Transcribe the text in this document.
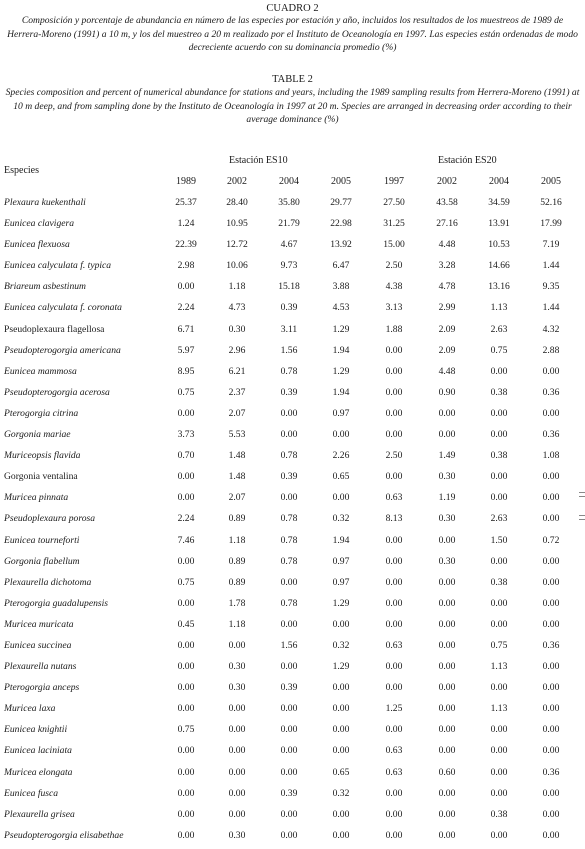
CUADRO 2

Composición y porcentaje de abundancia en número de las especies por estación y año, incluidos los resultados de los muestreos de 1989 de Herrera-Moreno (1991) a 10 m, y los del muestreo a 20 m realizado por el Instituto de Oceanología en 1997. Las especies están ordenadas de modo decreciente acuerdo con su dominancia promedio (%)

TABLE 2

Species composition and percent of numerical abundance for stations and years, including the 1989 sampling results from Herrera-Moreno (1991) at 10 m deep, and from sampling done by the Instituto de Oceanología in 1997 at 20 m. Species are arranged in decreasing order according to their average dominance (%)

Especies
Estación ES10	Estación ES20
1989	2002	2004	2005	1997	2002	2004	2005
Plexaura kuekenthali	25.37	28.40	35.80	29.77	27.50	43.58	34.59	52.16
Eunicea clavigera	1.24	10.95	21.79	22.98	31.25	27.16	13.91	17.99
Eunicea flexuosa	22.39	12.72	4.67	13.92	15.00	4.48	10.53	7.19
Eunicea calyculata f. typica	2.98	10.06	9.73	6.47	2.50	3.28	14.66	1.44
Briareum asbestinum	0.00	1.18	15.18	3.88	4.38	4.78	13.16	9.35
Eunicea calyculata f. coronata	2.24	4.73	0.39	4.53	3.13	2.99	1.13	1.44
Pseudoplexaura flagellosa	6.71	0.30	3.11	1.29	1.88	2.09	2.63	4.32
Pseudopterogorgia americana	5.97	2.96	1.56	1.94	0.00	2.09	0.75	2.88
Eunicea mammosa	8.95	6.21	0.78	1.29	0.00	4.48	0.00	0.00
Pseudopterogorgia acerosa	0.75	2.37	0.39	1.94	0.00	0.90	0.38	0.36
Pterogorgia citrina	0.00	2.07	0.00	0.97	0.00	0.00	0.00	0.00
Gorgonia mariae	3.73	5.53	0.00	0.00	0.00	0.00	0.00	0.36
Muriceopsis flavida	0.70	1.48	0.78	2.26	2.50	1.49	0.38	1.08
Gorgonia ventalina	0.00	1.48	0.39	0.65	0.00	0.30	0.00	0.00
Muricea pinnata	0.00	2.07	0.00	0.00	0.63	1.19	0.00	0.00
Pseudoplexaura porosa	2.24	0.89	0.78	0.32	8.13	0.30	2.63	0.00
Eunicea tourneforti	7.46	1.18	0.78	1.94	0.00	0.00	1.50	0.72
Gorgonia flabellum	0.00	0.89	0.78	0.97	0.00	0.30	0.00	0.00
Plexaurella dichotoma	0.75	0.89	0.00	0.97	0.00	0.00	0.38	0.00
Pterogorgia guadalupensis	0.00	1.78	0.78	1.29	0.00	0.00	0.00	0.00
Muricea muricata	0.45	1.18	0.00	0.00	0.00	0.00	0.00	0.00
Eunicea succinea	0.00	0.00	1.56	0.32	0.63	0.00	0.75	0.36
Plexaurella nutans	0.00	0.30	0.00	1.29	0.00	0.00	1.13	0.00
Pterogorgia anceps	0.00	0.30	0.39	0.00	0.00	0.00	0.00	0.00
Muricea laxa	0.00	0.00	0.00	0.00	1.25	0.00	1.13	0.00
Eunicea knightii	0.75	0.00	0.00	0.00	0.00	0.00	0.00	0.00
Eunicea laciniata	0.00	0.00	0.00	0.00	0.63	0.00	0.00	0.00
Muricea elongata	0.00	0.00	0.00	0.65	0.63	0.60	0.00	0.36
Eunicea fusca	0.00	0.00	0.39	0.32	0.00	0.00	0.00	0.00
Plexaurella grisea	0.00	0.00	0.00	0.00	0.00	0.00	0.38	0.00
Pseudopterogorgia elisabethae	0.00	0.30	0.00	0.00	0.00	0.00	0.00	0.00
